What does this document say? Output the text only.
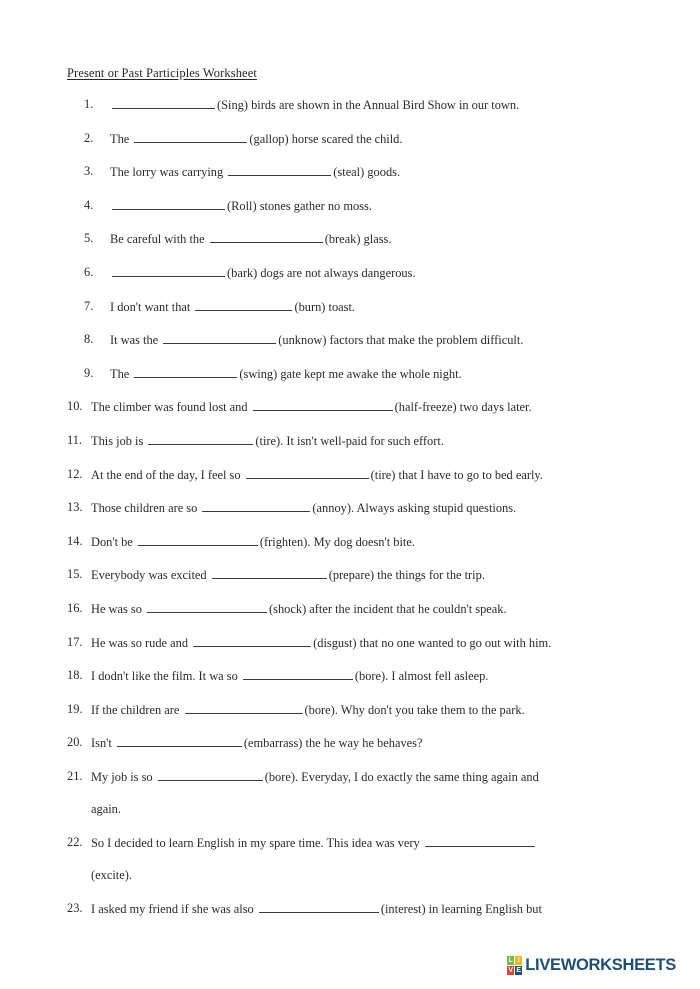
Present or Past Participles Worksheet
1.	(Sing) birds are shown in the Annual Bird Show in our town.
2.	The	(gallop) horse scared the child.
3.	The lorry was carrying	(steal) goods.
4.	(Roll) stones gather no moss.
5.	Be careful with the	(break) glass.
6.	(bark) dogs are not always dangerous.
7.	I don't want that	(burn) toast.
8.	It was the	(unknow) factors that make the problem difficult.
9.	The	(swing) gate kept me awake the whole night.
10. The climber was found lost and	(half-freeze) two days later.
11. This job is	(tire). It isn't well-paid for such effort.
12. At the end of the day, I feel so	(tire) that I have to go to bed early.
13. Those children are so	(annoy). Always asking stupid questions.
14. Don't be	(frighten). My dog doesn't bite.
15. Everybody was excited	(prepare) the things for the trip.
16. He was so	(shock) after the incident that he couldn't speak.
17. He was so rude and	(disgust) that no one wanted to go out with him.
18. I dodn't like the film. It wa so	(bore). I almost fell asleep.
19. If the children are	(bore). Why don't you take them to the park.
20. Isn't	(embarrass) the he way he behaves?
21. My job is so	(bore). Everyday, I do exactly the same thing again and
again.
22. So I decided to learn English in my spare time. This idea was very
(excite).
23. I asked my friend if she was also	(interest) in learning English but
L I
V E LIVEWORKSHEETS
